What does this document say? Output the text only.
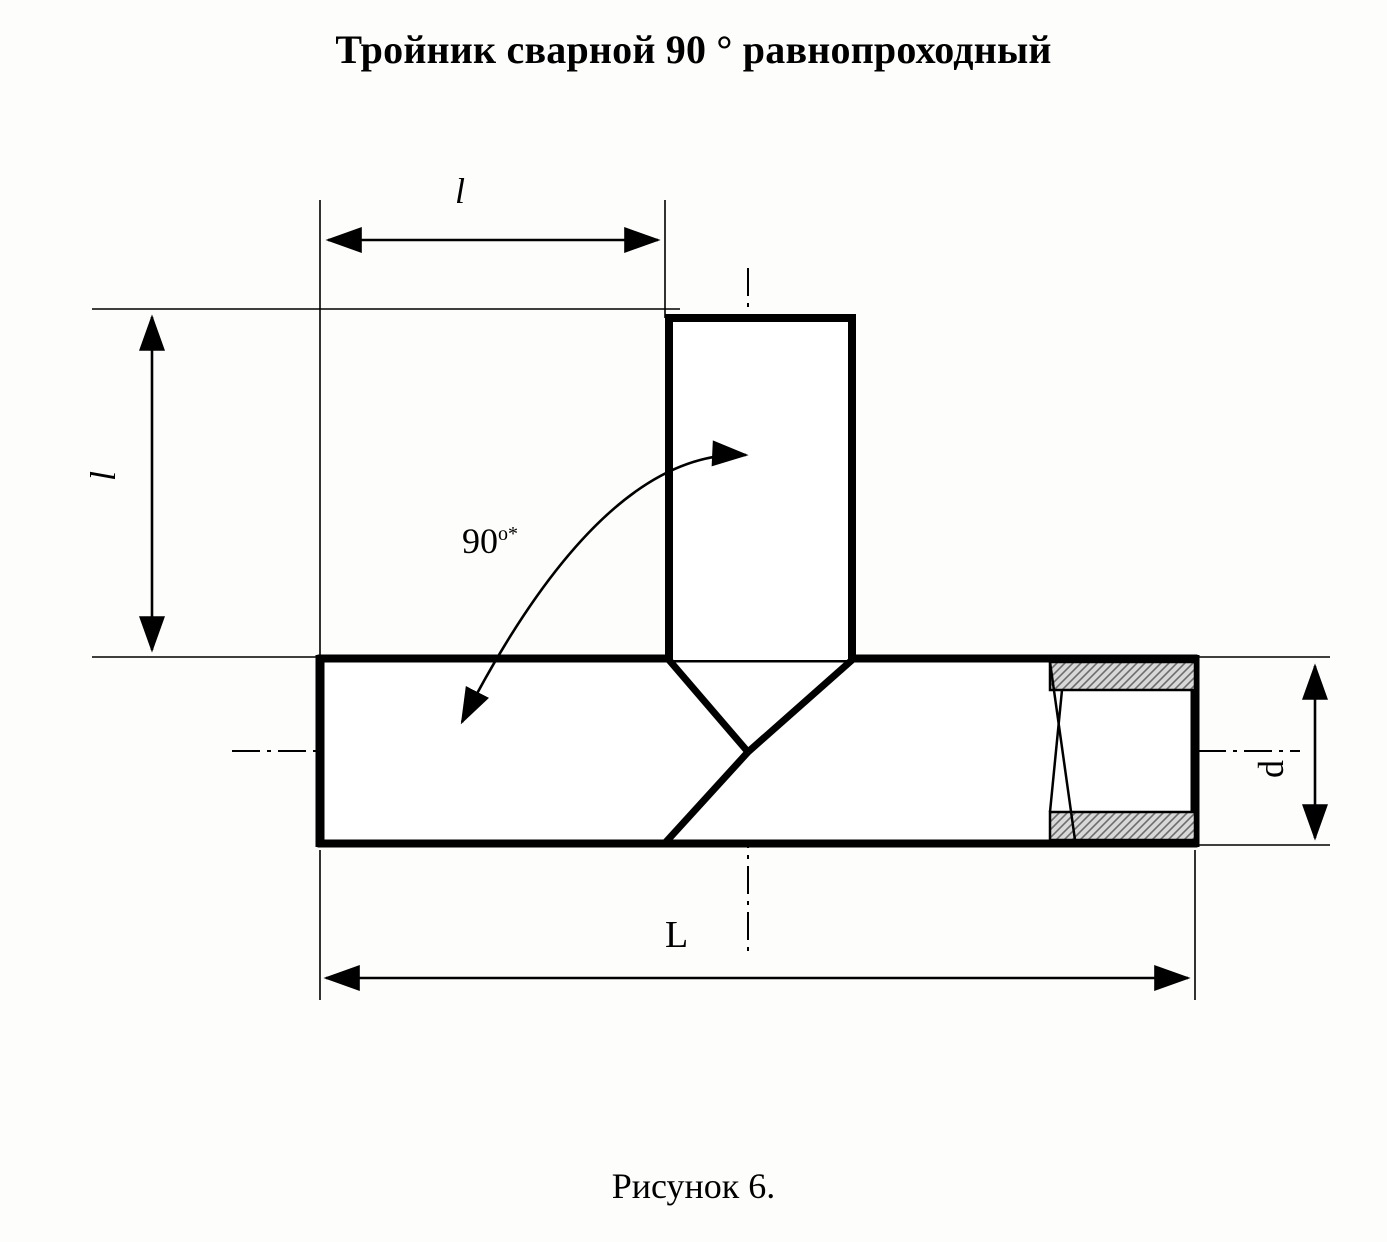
Тройник сварной 90 ° равнопроходный
l
l
$90^{o*}$
L
d
Рисунок 6.
